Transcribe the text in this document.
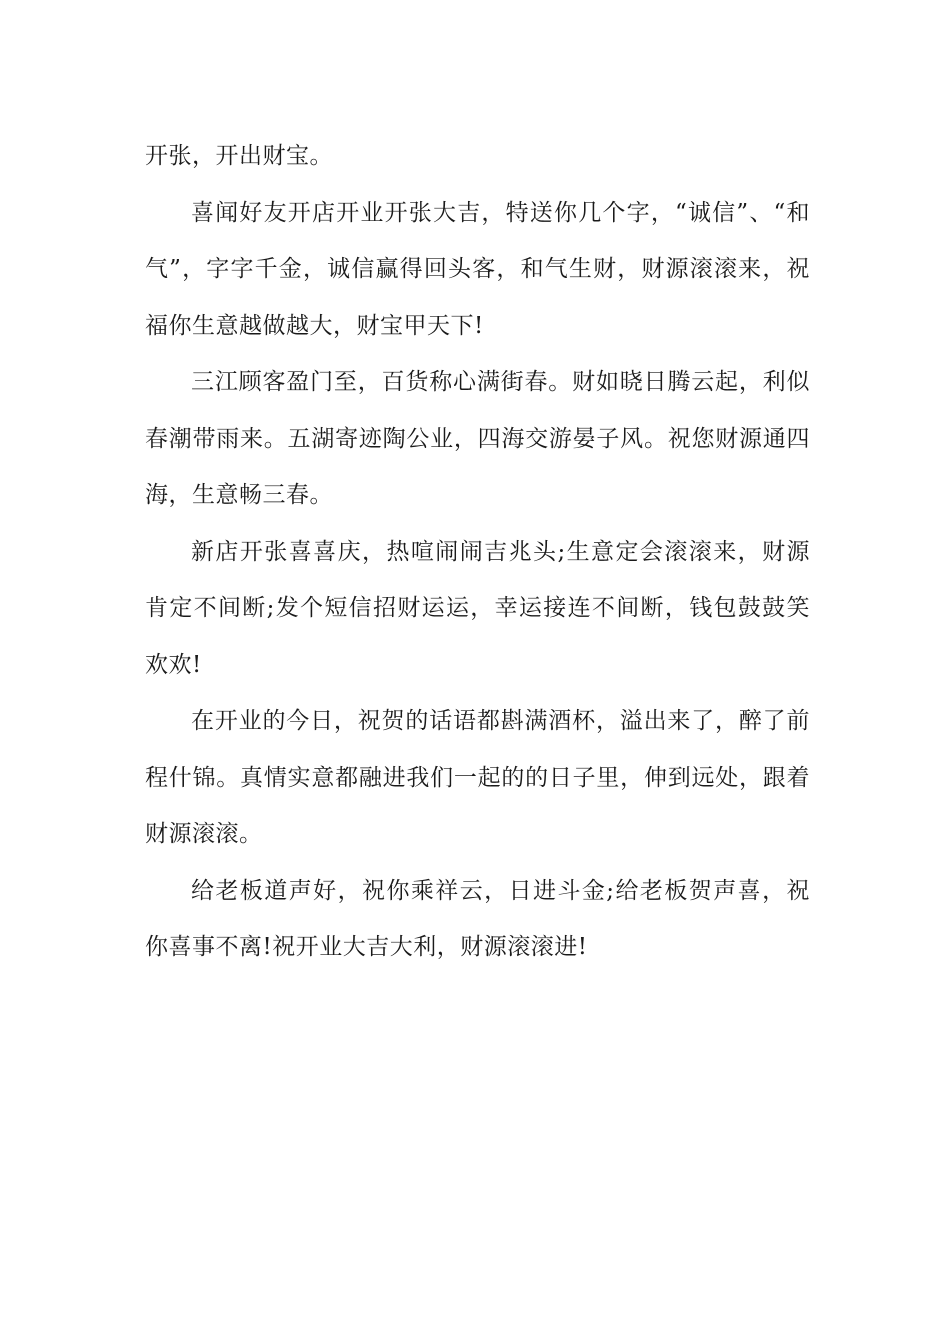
开张，开出财宝。

喜闻好友开店开业开张大吉，特送你几个字，“诚信”、“和气”，字字千金，诚信赢得回头客，和气生财，财源滚滚来，祝福你生意越做越大，财宝甲天下!

三江顾客盈门至，百货称心满街春。财如晓日腾云起，利似春潮带雨来。五湖寄迹陶公业，四海交游晏子风。祝您财源通四海，生意畅三春。

新店开张喜喜庆，热喧闹闹吉兆头;生意定会滚滚来，财源肯定不间断;发个短信招财运运，幸运接连不间断，钱包鼓鼓笑欢欢!

在开业的今日，祝贺的话语都斟满酒杯，溢出来了，醉了前程什锦。真情实意都融进我们一起的的日子里，伸到远处，跟着财源滚滚。

给老板道声好，祝你乘祥云，日进斗金;给老板贺声喜，祝你喜事不离!祝开业大吉大利，财源滚滚进!
